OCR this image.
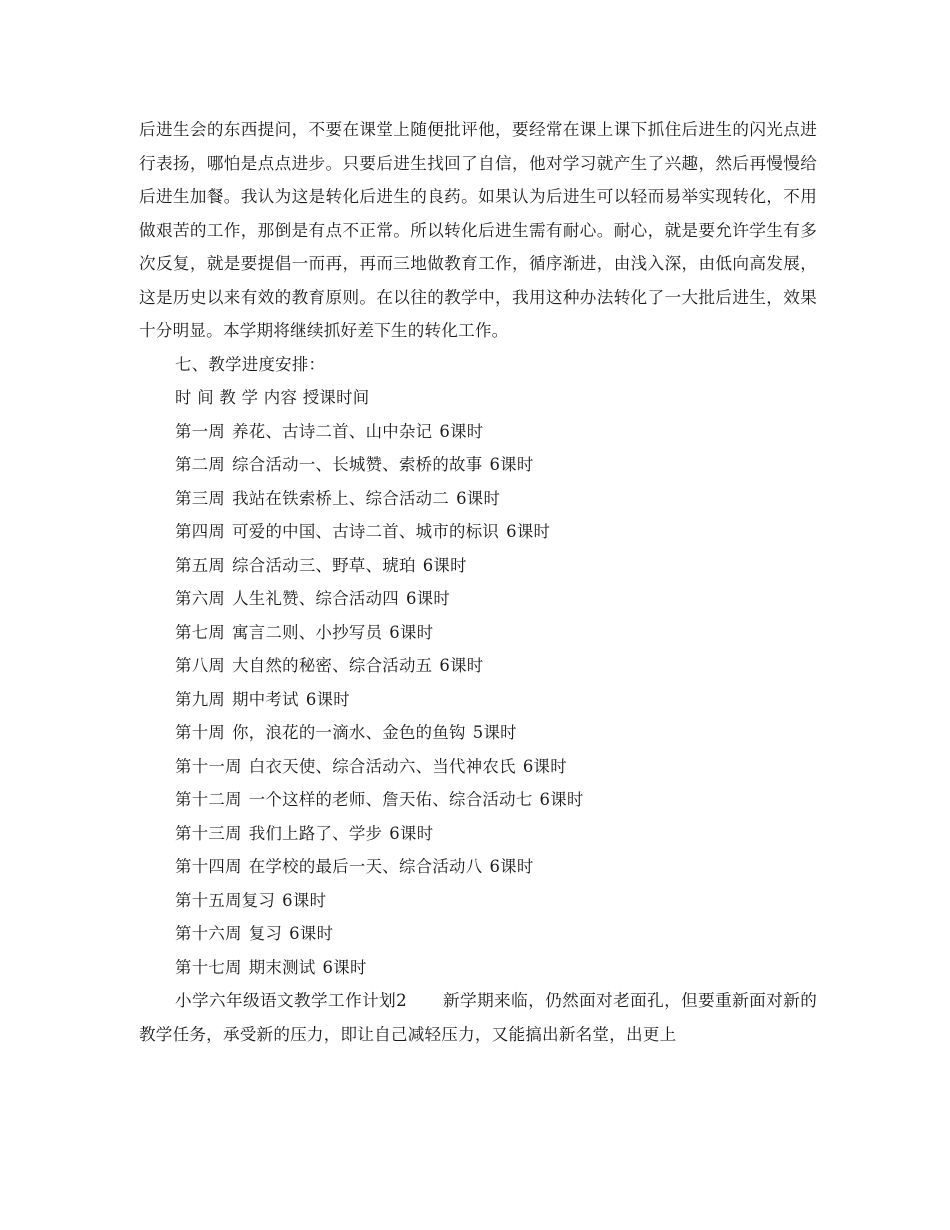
后进生会的东西提问，不要在课堂上随便批评他，要经常在课上课下抓住后进生的闪光点进行表扬，哪怕是点点进步。只要后进生找回了自信，他对学习就产生了兴趣，然后再慢慢给后进生加餐。我认为这是转化后进生的良药。如果认为后进生可以轻而易举实现转化，不用做艰苦的工作，那倒是有点不正常。所以转化后进生需有耐心。耐心，就是要允许学生有多次反复，就是要提倡一而再，再而三地做教育工作，循序渐进，由浅入深，由低向高发展，这是历史以来有效的教育原则。在以往的教学中，我用这种办法转化了一大批后进生，效果十分明显。本学期将继续抓好差下生的转化工作。

七、教学进度安排：
时 间 教 学 内容 授课时间
第一周 养花、古诗二首、山中杂记 6课时
第二周 综合活动一、长城赞、索桥的故事 6课时
第三周 我站在铁索桥上、综合活动二 6课时
第四周 可爱的中国、古诗二首、城市的标识 6课时
第五周 综合活动三、野草、琥珀 6课时
第六周 人生礼赞、综合活动四 6课时
第七周 寓言二则、小抄写员 6课时
第八周 大自然的秘密、综合活动五 6课时
第九周 期中考试 6课时
第十周 你，浪花的一滴水、金色的鱼钩 5课时
第十一周 白衣天使、综合活动六、当代神农氏 6课时
第十二周 一个这样的老师、詹天佑、综合活动七 6课时
第十三周 我们上路了、学步 6课时
第十四周 在学校的最后一天、综合活动八 6课时
第十五周复习 6课时
第十六周 复习 6课时
第十七周 期末测试 6课时

小学六年级语文教学工作计划2 新学期来临，仍然面对老面孔，但要重新面对新的教学任务，承受新的压力，即让自己减轻压力，又能搞出新名堂，出更上
